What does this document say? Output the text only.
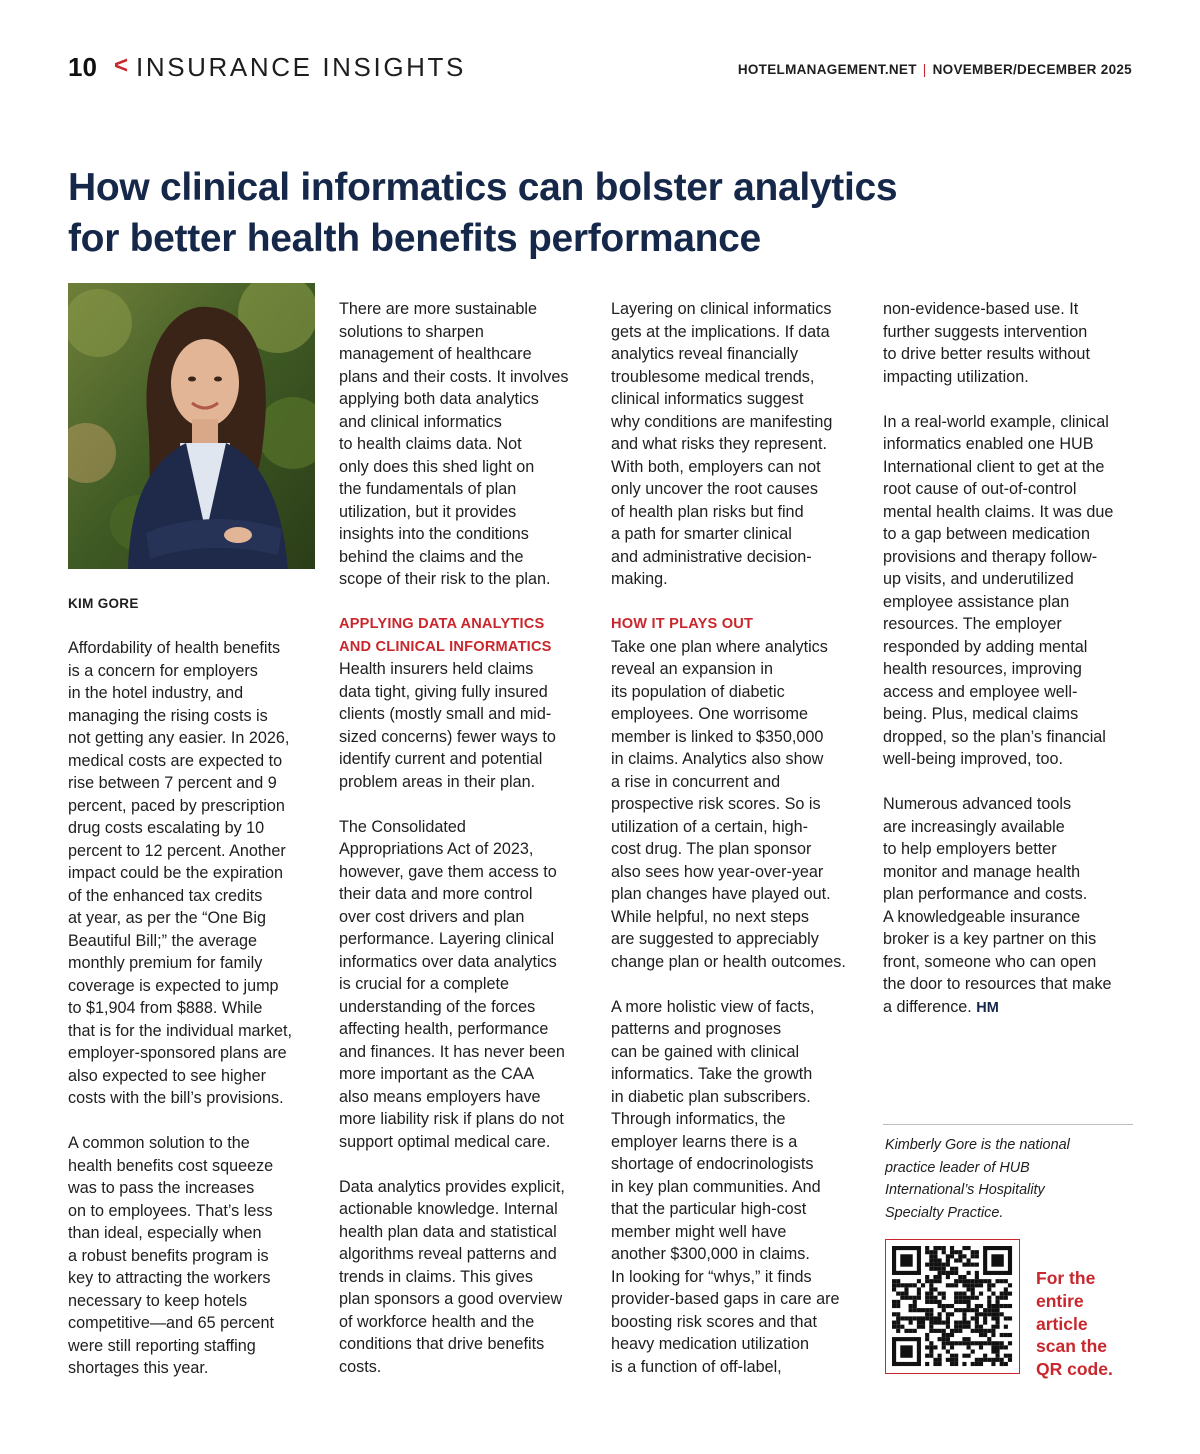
10 < INSURANCE INSIGHTS	HOTELMANAGEMENT.NET | NOVEMBER/DECEMBER 2025
How clinical informatics can bolster analytics
for better health benefits performance
KIM GORE
Affordability of health benefits
is a concern for employers
in the hotel industry, and
managing the rising costs is
not getting any easier. In 2026,
medical costs are expected to
rise between 7 percent and 9
percent, paced by prescription
drug costs escalating by 10
percent to 12 percent. Another
impact could be the expiration
of the enhanced tax credits
at year, as per the “One Big
Beautiful Bill;” the average
monthly premium for family
coverage is expected to jump
to $1,904 from $888. While
that is for the individual market,
employer-sponsored plans are
also expected to see higher
costs with the bill’s provisions.
A common solution to the
health benefits cost squeeze
was to pass the increases
on to employees. That’s less
than ideal, especially when
a robust benefits program is
key to attracting the workers
necessary to keep hotels
competitive—and 65 percent
were still reporting staffing
shortages this year.
There are more sustainable
solutions to sharpen
management of healthcare
plans and their costs. It involves
applying both data analytics
and clinical informatics
to health claims data. Not
only does this shed light on
the fundamentals of plan
utilization, but it provides
insights into the conditions
behind the claims and the
scope of their risk to the plan.
APPLYING DATA ANALYTICS
AND CLINICAL INFORMATICS
Health insurers held claims
data tight, giving fully insured
clients (mostly small and mid-
sized concerns) fewer ways to
identify current and potential
problem areas in their plan.
The Consolidated
Appropriations Act of 2023,
however, gave them access to
their data and more control
over cost drivers and plan
performance. Layering clinical
informatics over data analytics
is crucial for a complete
understanding of the forces
affecting health, performance
and finances. It has never been
more important as the CAA
also means employers have
more liability risk if plans do not
support optimal medical care.
Data analytics provides explicit,
actionable knowledge. Internal
health plan data and statistical
algorithms reveal patterns and
trends in claims. This gives
plan sponsors a good overview
of workforce health and the
conditions that drive benefits
costs.
Layering on clinical informatics
gets at the implications. If data
analytics reveal financially
troublesome medical trends,
clinical informatics suggest
why conditions are manifesting
and what risks they represent.
With both, employers can not
only uncover the root causes
of health plan risks but find
a path for smarter clinical
and administrative decision-
making.
HOW IT PLAYS OUT
Take one plan where analytics
reveal an expansion in
its population of diabetic
employees. One worrisome
member is linked to $350,000
in claims. Analytics also show
a rise in concurrent and
prospective risk scores. So is
utilization of a certain, high-
cost drug. The plan sponsor
also sees how year-over-year
plan changes have played out.
While helpful, no next steps
are suggested to appreciably
change plan or health outcomes.
A more holistic view of facts,
patterns and prognoses
can be gained with clinical
informatics. Take the growth
in diabetic plan subscribers.
Through informatics, the
employer learns there is a
shortage of endocrinologists
in key plan communities. And
that the particular high-cost
member might well have
another $300,000 in claims.
In looking for “whys,” it finds
provider-based gaps in care are
boosting risk scores and that
heavy medication utilization
is a function of off-label,
non-evidence-based use. It
further suggests intervention
to drive better results without
impacting utilization.
In a real-world example, clinical
informatics enabled one HUB
International client to get at the
root cause of out-of-control
mental health claims. It was due
to a gap between medication
provisions and therapy follow-
up visits, and underutilized
employee assistance plan
resources. The employer
responded by adding mental
health resources, improving
access and employee well-
being. Plus, medical claims
dropped, so the plan’s financial
well-being improved, too.
Numerous advanced tools
are increasingly available
to help employers better
monitor and manage health
plan performance and costs.
A knowledgeable insurance
broker is a key partner on this
front, someone who can open
the door to resources that make
a difference. HM
Kimberly Gore is the national
practice leader of HUB
International’s Hospitality
Specialty Practice.
For the
entire
article
scan the
QR code.
